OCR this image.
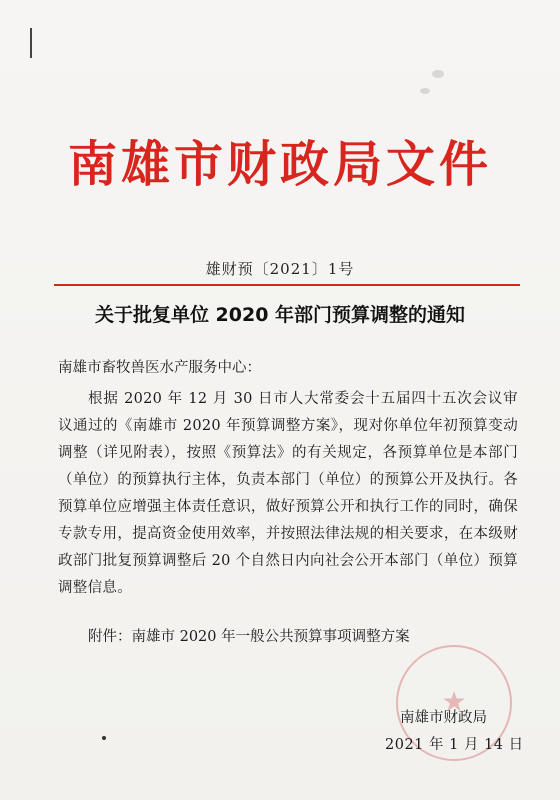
南雄市财政局文件
雄财预〔2021〕1号
关于批复单位 2020 年部门预算调整的通知
南雄市畜牧兽医水产服务中心：
根据 2020 年 12 月 30 日市人大常委会十五届四十五次会议审议通过的《南雄市 2020 年预算调整方案》，现对你单位年初预算变动调整（详见附表），按照《预算法》的有关规定，各预算单位是本部门（单位）的预算执行主体，负责本部门（单位）的预算公开及执行。各预算单位应增强主体责任意识，做好预算公开和执行工作的同时，确保专款专用，提高资金使用效率，并按照法律法规的相关要求，在本级财政部门批复预算调整后 20 个自然日内向社会公开本部门（单位）预算调整信息。
附件：南雄市 2020 年一般公共预算事项调整方案
★
南雄市财政局
2021 年 1 月 14 日
